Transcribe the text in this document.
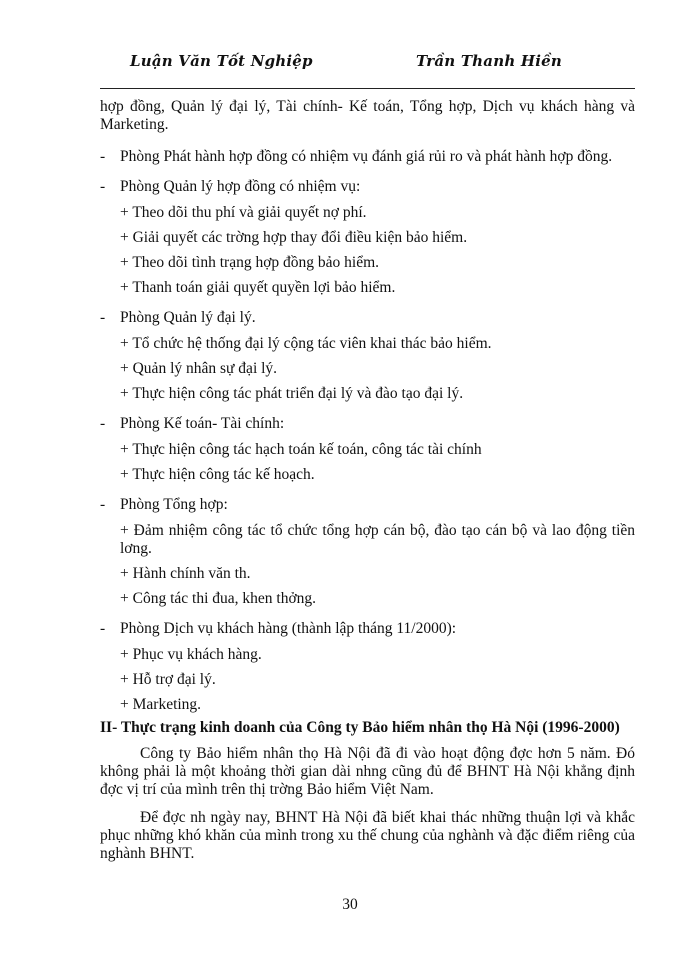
Luận Văn Tốt Nghiệp	Trần Thanh Hiền

hợp đồng, Quản lý đại lý, Tài chính- Kế toán, Tổng hợp, Dịch vụ khách hàng và Marketing.

- Phòng Phát hành hợp đồng có nhiệm vụ đánh giá rủi ro và phát hành hợp đồng.
- Phòng Quản lý hợp đồng có nhiệm vụ:

+ Theo dõi thu phí và giải quyết nợ phí.

+ Giải quyết các trờng hợp thay đổi điều kiện bảo hiểm.

+ Theo dõi tình trạng hợp đồng bảo hiểm.

+ Thanh toán giải quyết quyền lợi bảo hiểm.

- Phòng Quản lý đại lý.

+ Tổ chức hệ thống đại lý cộng tác viên khai thác bảo hiểm.

+ Quản lý nhân sự đại lý.

+ Thực hiện công tác phát triển đại lý và đào tạo đại lý.

- Phòng Kế toán- Tài chính:

+ Thực hiện công tác hạch toán kế toán, công tác tài chính

+ Thực hiện công tác kế hoạch.

- Phòng Tổng hợp:

+ Đảm nhiệm công tác tổ chức tổng hợp cán bộ, đào tạo cán bộ và lao động tiền lơng.

+ Hành chính văn th.

+ Công tác thi đua, khen thởng.

- Phòng Dịch vụ khách hàng (thành lập tháng 11/2000):

+ Phục vụ khách hàng.

+ Hỗ trợ đại lý.

+ Marketing.

II- Thực trạng kinh doanh của Công ty Bảo hiểm nhân thọ Hà Nội (1996-2000)

Công ty Bảo hiểm nhân thọ Hà Nội đã đi vào hoạt động đợc hơn 5 năm. Đó không phải là một khoảng thời gian dài nhng cũng đủ để BHNT Hà Nội khẳng định đợc vị trí của mình trên thị trờng Bảo hiểm Việt Nam.

Để đợc nh ngày nay, BHNT Hà Nội đã biết khai thác những thuận lợi và khắc phục những khó khăn của mình trong xu thế chung của nghành và đặc điểm riêng của nghành BHNT.

30
